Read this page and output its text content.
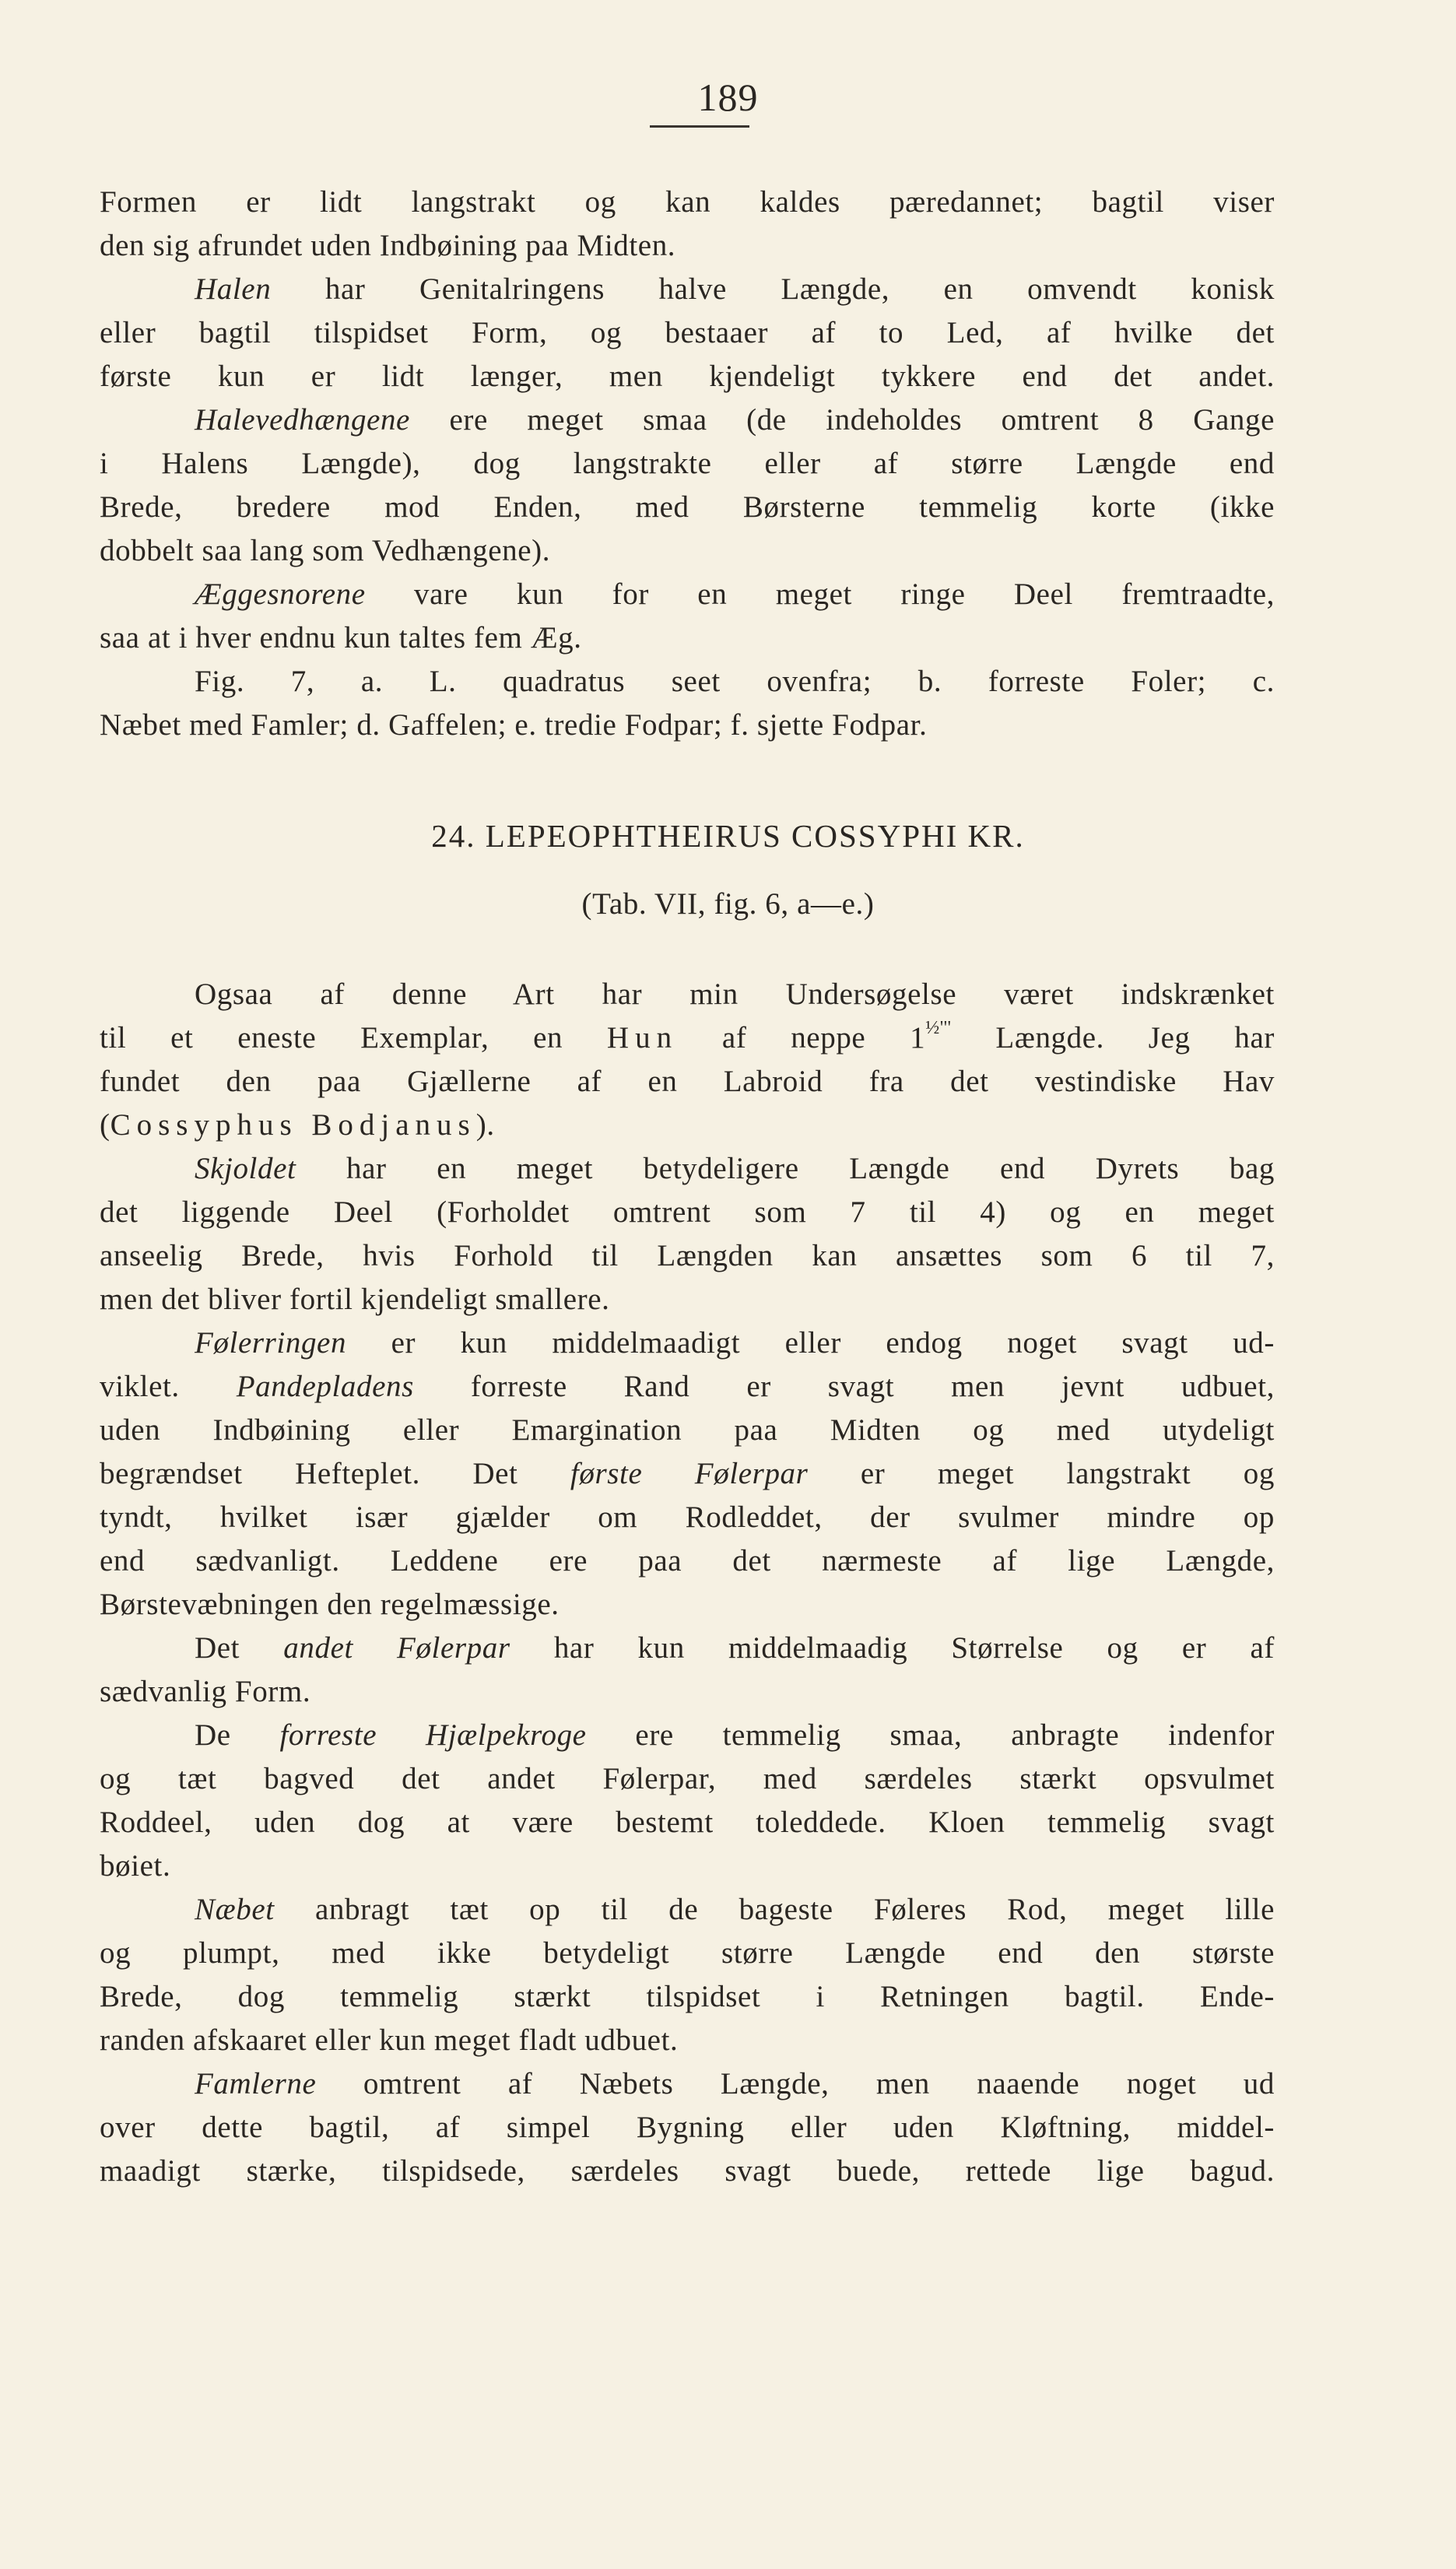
189

Formen er lidt langstrakt og kan kaldes pæredannet; bagtil viser

den sig afrundet uden Indbøining paa Midten.

Halen har Genitalringens halve Længde, en omvendt konisk

eller bagtil tilspidset Form, og bestaaer af to Led, af hvilke det

første kun er lidt længer, men kjendeligt tykkere end det andet.

Halevedhængene ere meget smaa (de indeholdes omtrent 8 Gange

i Halens Længde), dog langstrakte eller af større Længde end

Brede, bredere mod Enden, med Børsterne temmelig korte (ikke

dobbelt saa lang som Vedhængene).

Æggesnorene vare kun for en meget ringe Deel fremtraadte,

saa at i hver endnu kun taltes fem Æg.

Fig. 7, a. L. quadratus seet ovenfra; b. forreste Foler; c.

Næbet med Famler; d. Gaffelen; e. tredie Fodpar; f. sjette Fodpar.

24. LEPEOPHTHEIRUS COSSYPHI KR.

(Tab. VII, fig. 6, a—e.)

Ogsaa af denne Art har min Undersøgelse været indskrænket

til et eneste Exemplar, en Hun af neppe $1^{\frac{1}{2}'''}$ Længde. Jeg har

fundet den paa Gjællerne af en Labroid fra det vestindiske Hav

(Cossyphus Bodjanus).

Skjoldet har en meget betydeligere Længde end Dyrets bag

det liggende Deel (Forholdet omtrent som 7 til 4) og en meget

anseelig Brede, hvis Forhold til Længden kan ansættes som 6 til 7,

men det bliver fortil kjendeligt smallere.

Følerringen er kun middelmaadigt eller endog noget svagt ud-

viklet. Pandepladens forreste Rand er svagt men jevnt udbuet,

uden Indbøining eller Emargination paa Midten og med utydeligt

begrændset Hefteplet. Det første Følerpar er meget langstrakt og

tyndt, hvilket især gjælder om Rodleddet, der svulmer mindre op

end sædvanligt. Leddene ere paa det nærmeste af lige Længde,

Børstevæbningen den regelmæssige.

Det andet Følerpar har kun middelmaadig Størrelse og er af

sædvanlig Form.

De forreste Hjælpekroge ere temmelig smaa, anbragte indenfor

og tæt bagved det andet Følerpar, med særdeles stærkt opsvulmet

Roddeel, uden dog at være bestemt toleddede. Kloen temmelig svagt

bøiet.

Næbet anbragt tæt op til de bageste Føleres Rod, meget lille

og plumpt, med ikke betydeligt større Længde end den største

Brede, dog temmelig stærkt tilspidset i Retningen bagtil. Ende-

randen afskaaret eller kun meget fladt udbuet.

Famlerne omtrent af Næbets Længde, men naaende noget ud

over dette bagtil, af simpel Bygning eller uden Kløftning, middel-

maadigt stærke, tilspidsede, særdeles svagt buede, rettede lige bagud.
